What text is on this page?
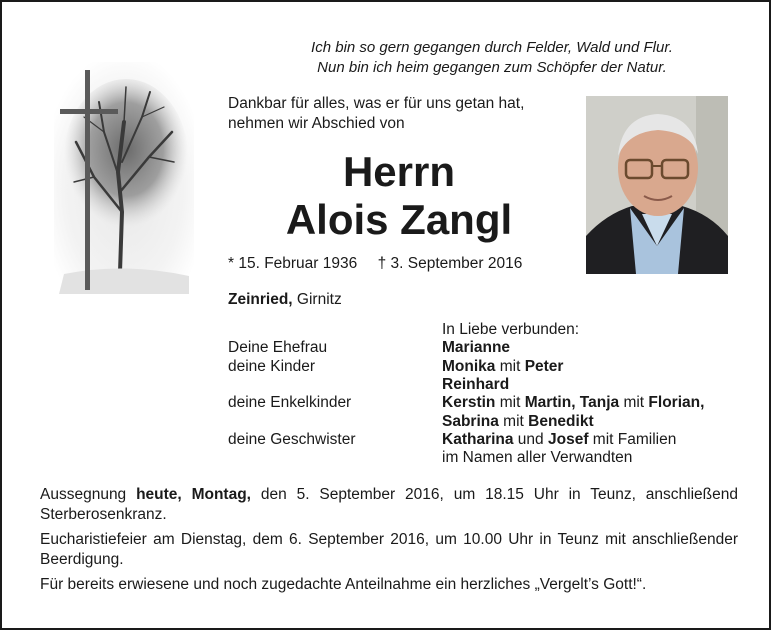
Ich bin so gern gegangen durch Felder, Wald und Flur.
Nun bin ich heim gegangen zum Schöpfer der Natur.
Dankbar für alles, was er für uns getan hat,
nehmen wir Abschied von
Herrn
Alois Zangl
* 15. Februar 1936 † 3. September 2016
Zeinried, Girnitz
In Liebe verbunden:
Deine Ehefrau	Marianne
deine Kinder	Monika mit Peter
Reinhard
deine Enkelkinder	Kerstin mit Martin, Tanja mit Florian,
Sabrina mit Benedikt
deine Geschwister	Katharina und Josef mit Familien
im Namen aller Verwandten

Aussegnung heute, Montag, den 5. September 2016, um 18.15 Uhr in Teunz, anschließend Sterberosenkranz.

Eucharistiefeier am Dienstag, dem 6. September 2016, um 10.00 Uhr in Teunz mit anschließender Beerdigung.

Für bereits erwiesene und noch zugedachte Anteilnahme ein herzliches „Vergelt’s Gott!“.
